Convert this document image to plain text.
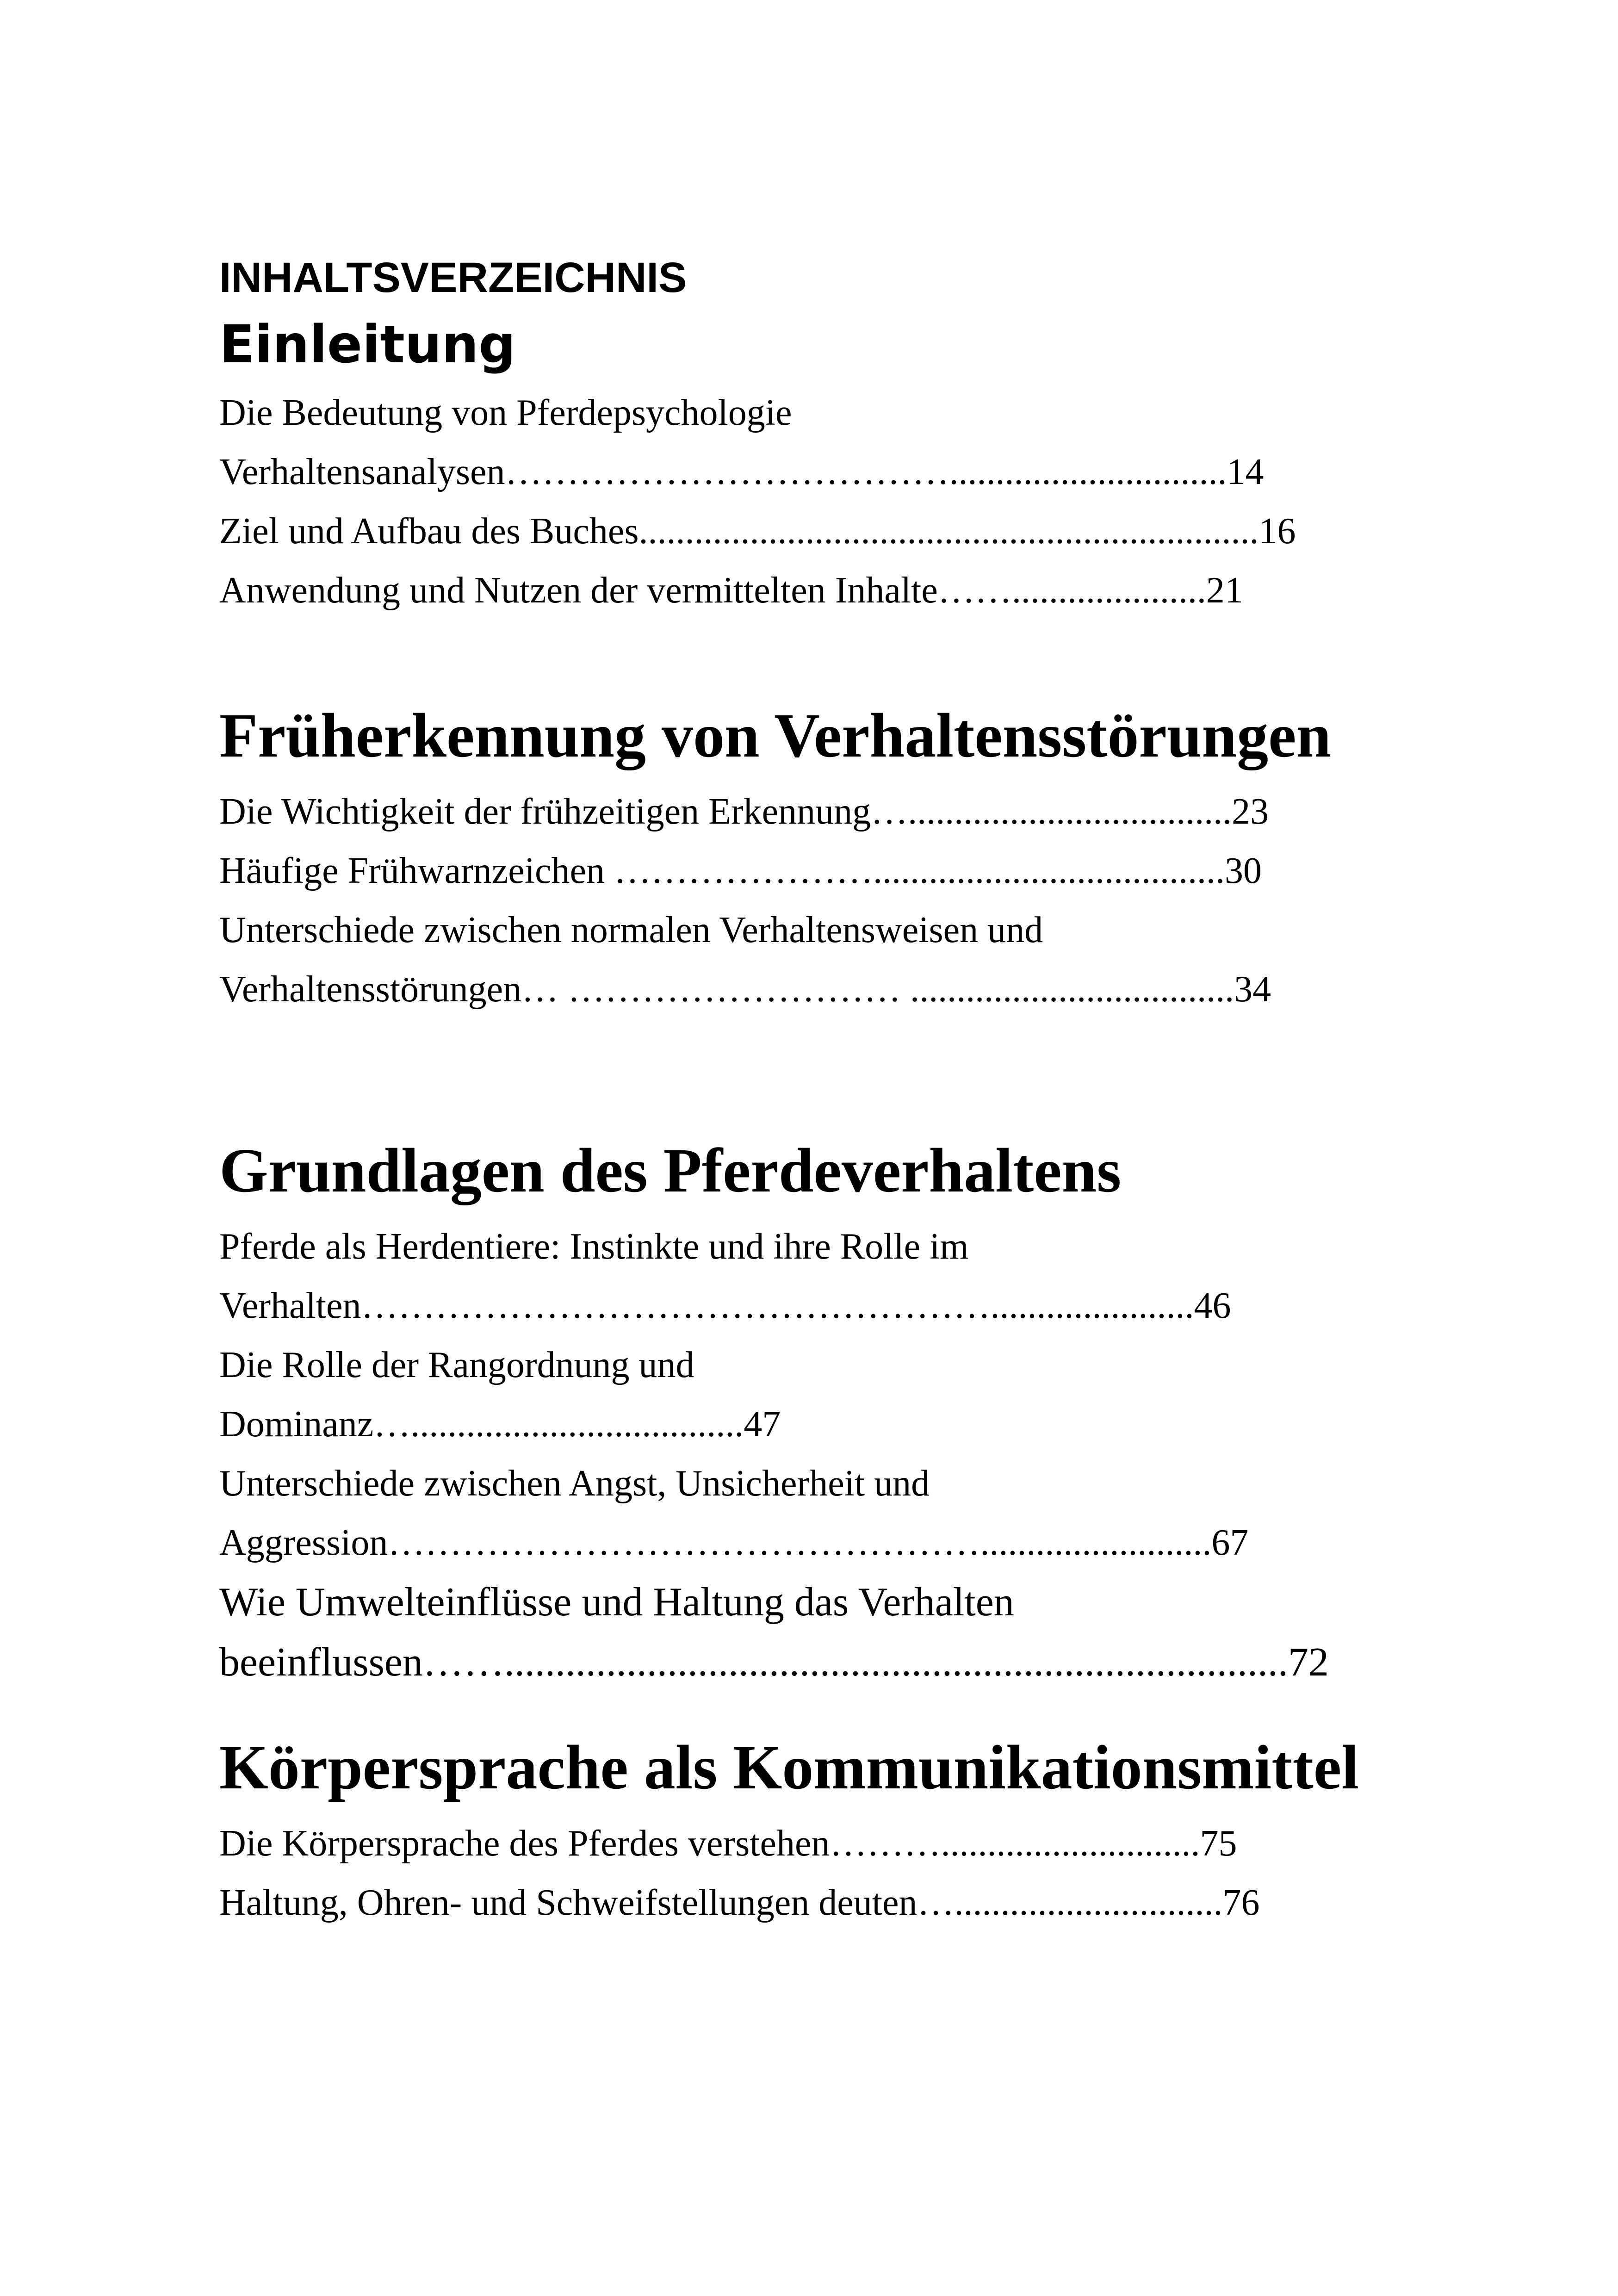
INHALTSVERZEICHNIS

Einleitung

Die Bedeutung von Pferdepsychologie

Verhaltensanalysen………………………………..............................14

Ziel und Aufbau des Buches...................................................................16

Anwendung und Nutzen der vermittelten Inhalte…….....................21

Früherkennung von Verhaltensstörungen

Die Wichtigkeit der frühzeitigen Erkennung…...................................23

Häufige Frühwarnzeichen …………………......................................30

Unterschiede zwischen normalen Verhaltensweisen und

Verhaltensstörungen… ……………………… ...................................34

Grundlagen des Pferdeverhaltens

Pferde als Herdentiere: Instinkte und ihre Rolle im

Verhalten……………………………………………......................46

Die Rolle der Rangordnung und

Dominanz…....................................47

Unterschiede zwischen Angst, Unsicherheit und

Aggression………………………………………….........................67

Wie Umwelteinflüsse und Haltung das Verhalten

beeinflussen…….............................................................................72

Körpersprache als Kommunikationsmittel

Die Körpersprache des Pferdes verstehen………............................75

Haltung, Ohren- und Schweifstellungen deuten….............................76
